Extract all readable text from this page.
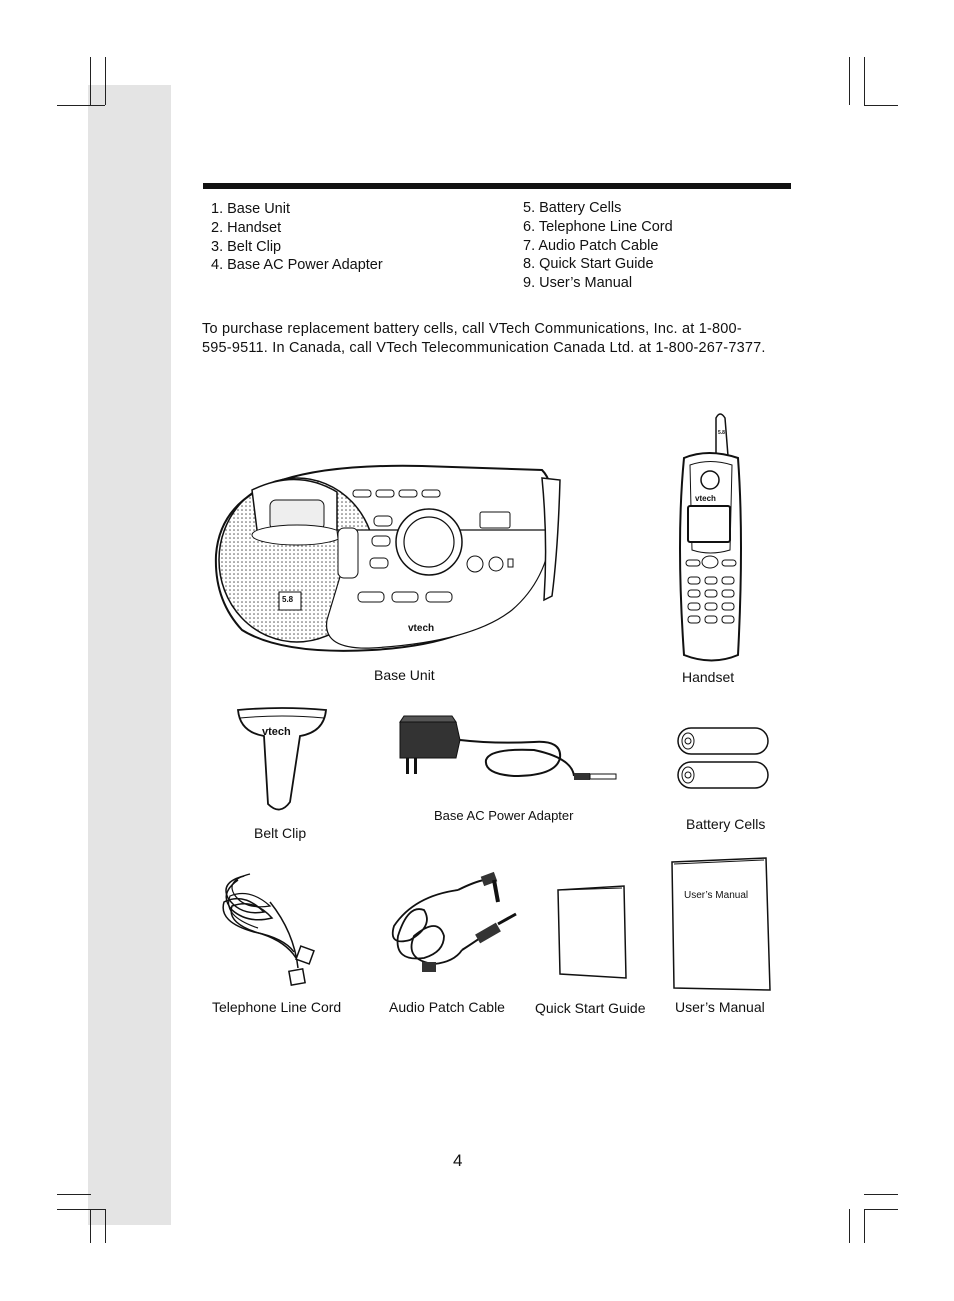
1. Base Unit
2. Handset
3. Belt Clip
4. Base AC Power Adapter
5. Battery Cells
6. Telephone Line Cord
7. Audio Patch Cable
8. Quick Start Guide
9. User’s Manual
To purchase replacement battery cells, call VTech Communications, Inc. at 1-800-
595-9511. In Canada, call VTech Telecommunication Canada Ltd. at 1-800-267-7377.
5.8
vtech
Base Unit
5.8
vtech
Handset
vtech
Belt Clip
Base AC Power Adapter
Battery Cells
Telephone Line Cord	Audio Patch Cable Quick Start Guide
User’s Manual
User’s Manual
4
